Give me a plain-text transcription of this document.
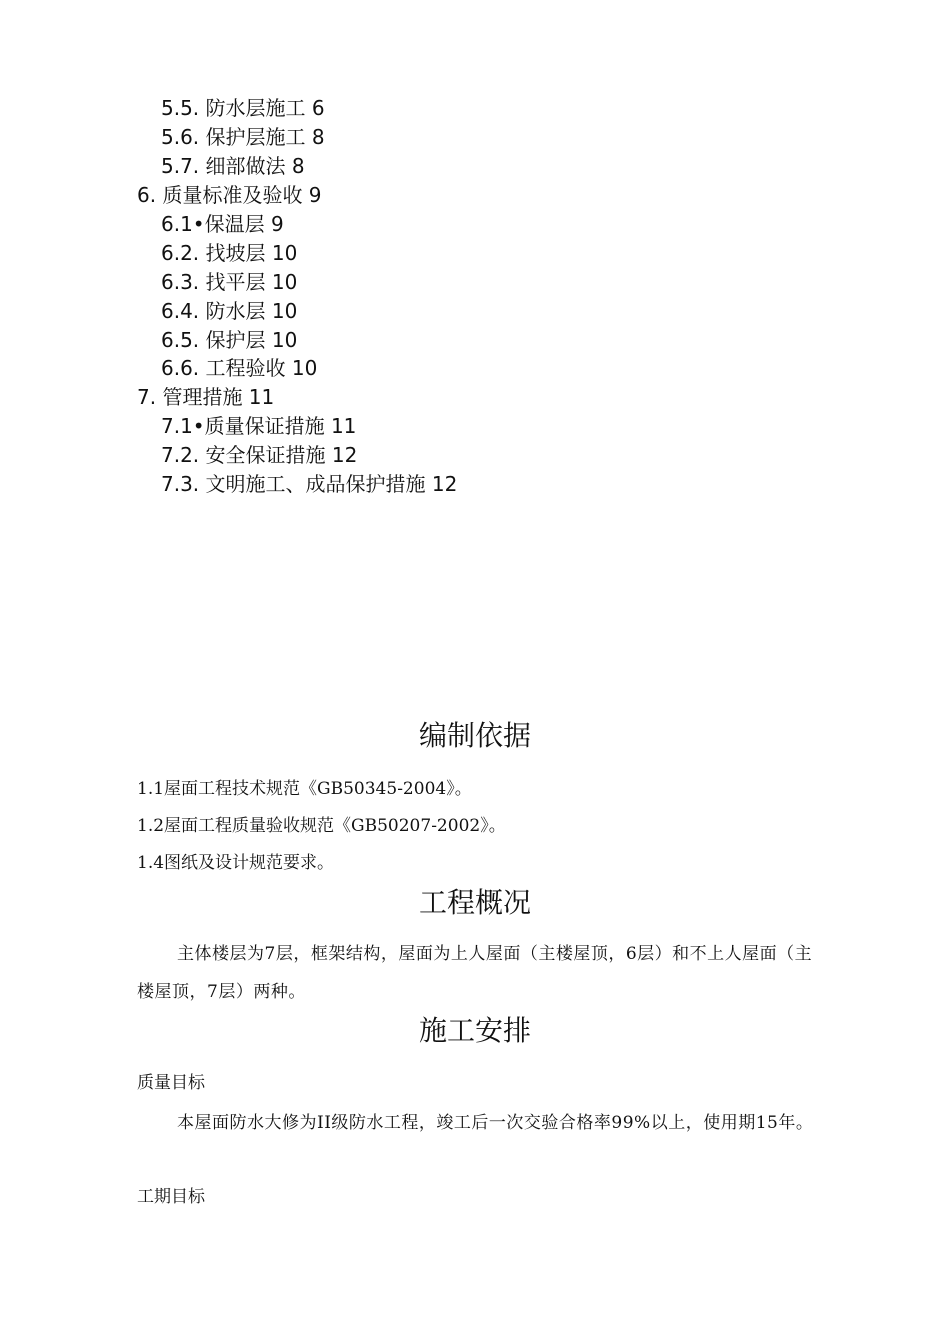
5.5. 防水层施工 6
5.6. 保护层施工 8
5.7. 细部做法 8
6. 质量标准及验收 9
6.1•保温层 9
6.2. 找坡层 10
6.3. 找平层 10
6.4. 防水层 10
6.5. 保护层 10
6.6. 工程验收 10
7. 管理措施 11
7.1•质量保证措施 11
7.2. 安全保证措施 12
7.3. 文明施工、成品保护措施 12
编制依据
1.1屋面工程技术规范《GB50345-2004》。
1.2屋面工程质量验收规范《GB50207-2002》。
1.4图纸及设计规范要求。
工程概况
主体楼层为7层，框架结构，屋面为上人屋面（主楼屋顶，6层）和不上人屋面（主楼屋顶，7层）两种。
施工安排
质量目标
本屋面防水大修为II级防水工程，竣工后一次交验合格率99%以上，使用期15年。
工期目标
